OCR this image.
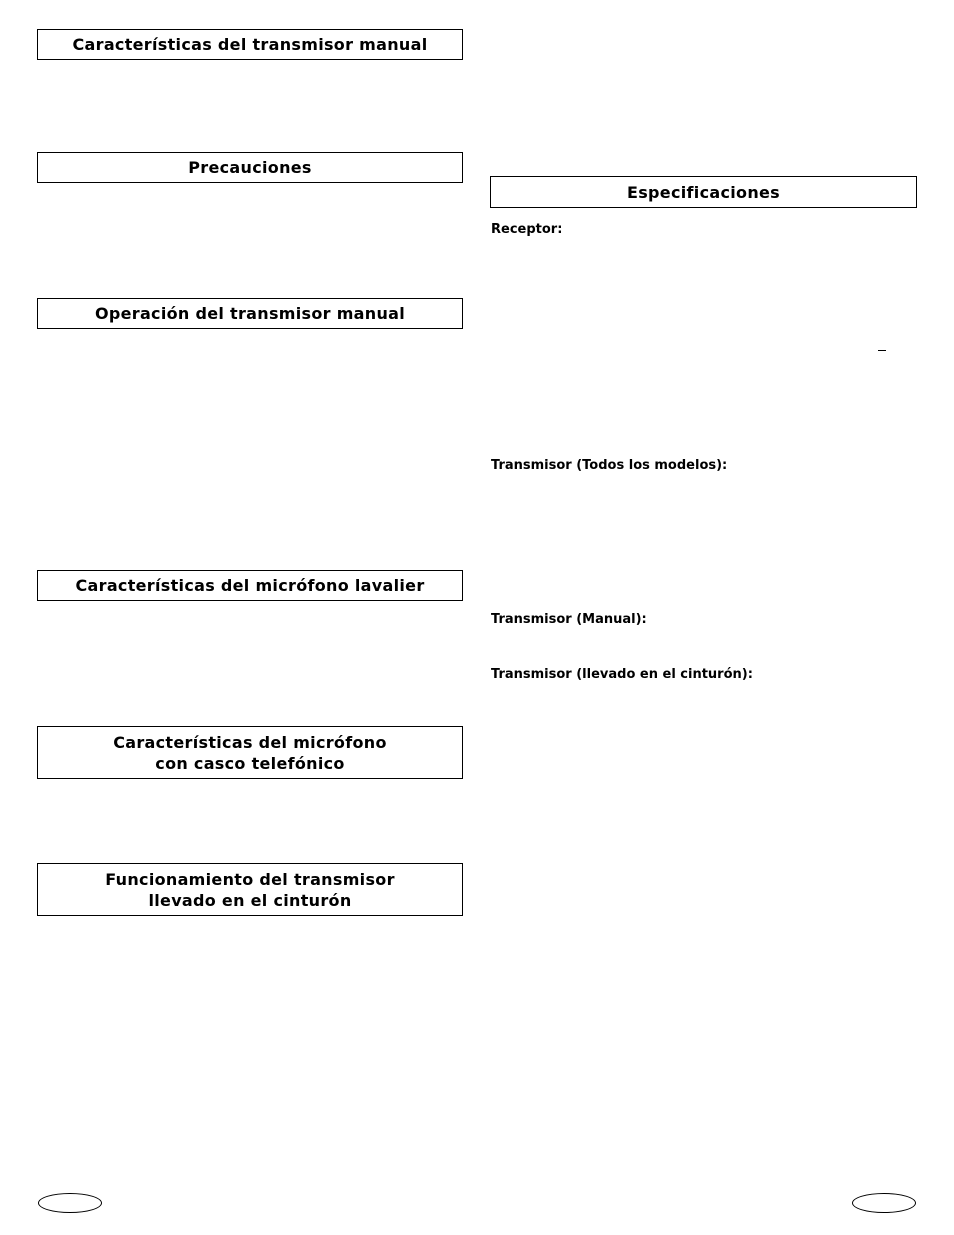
Características del transmisor manual
Precauciones
Operación del transmisor manual
Características del micrófono lavalier
Características del micrófono
con casco telefónico
Funcionamiento del transmisor
llevado en el cinturón
Especificaciones
Receptor:
Transmisor (Todos los modelos):
Transmisor (Manual):
Transmisor (llevado en el cinturón):
